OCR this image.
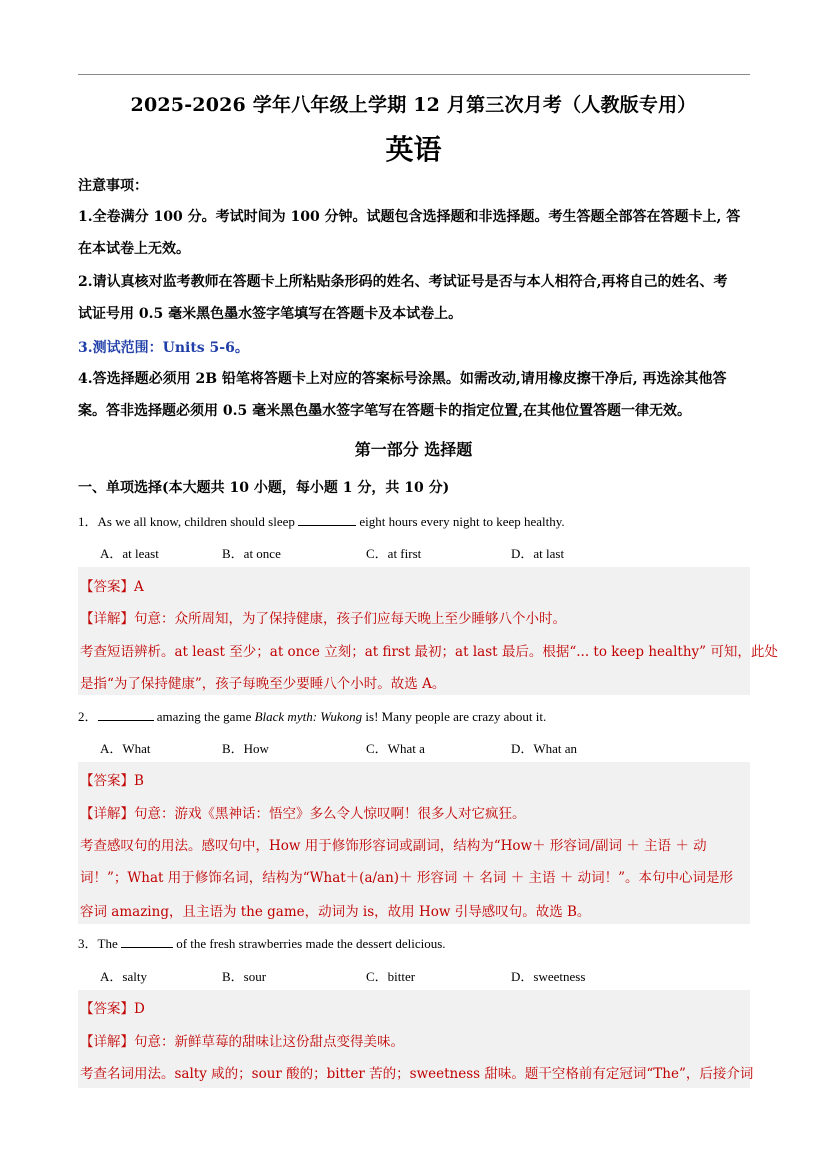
2025-2026 学年八年级上学期 12 月第三次月考（人教版专用）
英语
注意事项：
1.全卷满分 100 分。考试时间为 100 分钟。试题包含选择题和非选择题。考生答题全部答在答题卡上, 答
在本试卷上无效。
2.请认真核对监考教师在答题卡上所粘贴条形码的姓名、考试证号是否与本人相符合,再将自己的姓名、考
试证号用 0.5 毫米黑色墨水签字笔填写在答题卡及本试卷上。
3.测试范围：Units 5-6。
4.答选择题必须用 2B 铅笔将答题卡上对应的答案标号涂黑。如需改动,请用橡皮擦干净后, 再选涂其他答
案。答非选择题必须用 0.5 毫米黑色墨水签字笔写在答题卡的指定位置,在其他位置答题一律无效。
第一部分 选择题
一、单项选择(本大题共 10 小题，每小题 1 分，共 10 分)
1．As we all know, children should sleep	eight hours every night to keep healthy.
A．at least	B．at once	C．at first	D．at last
【答案】A
【详解】句意：众所周知，为了保持健康，孩子们应每天晚上至少睡够八个小时。
考查短语辨析。at least 至少；at once 立刻；at first 最初；at last 最后。根据“... to keep healthy” 可知，此处
是指“为了保持健康”，孩子每晚至少要睡八个小时。故选 A。
2．	amazing the game Black myth: Wukong is! Many people are crazy about it.
A．What	B．How	C．What a	D．What an
【答案】B
【详解】句意：游戏《黑神话：悟空》多么令人惊叹啊！很多人对它疯狂。
考查感叹句的用法。感叹句中，How 用于修饰形容词或副词，结构为“How＋ 形容词/副词 ＋ 主语 ＋ 动
词！”；What 用于修饰名词，结构为“What＋(a/an)＋ 形容词 ＋ 名词 ＋ 主语 ＋ 动词！”。本句中心词是形
容词 amazing，且主语为 the game，动词为 is，故用 How 引导感叹句。故选 B。
3．The	of the fresh strawberries made the dessert delicious.
A．salty	B．sour	C．bitter	D．sweetness
【答案】D
【详解】句意：新鲜草莓的甜味让这份甜点变得美味。
考查名词用法。salty 咸的；sour 酸的；bitter 苦的；sweetness 甜味。题干空格前有定冠词“The”，后接介词
